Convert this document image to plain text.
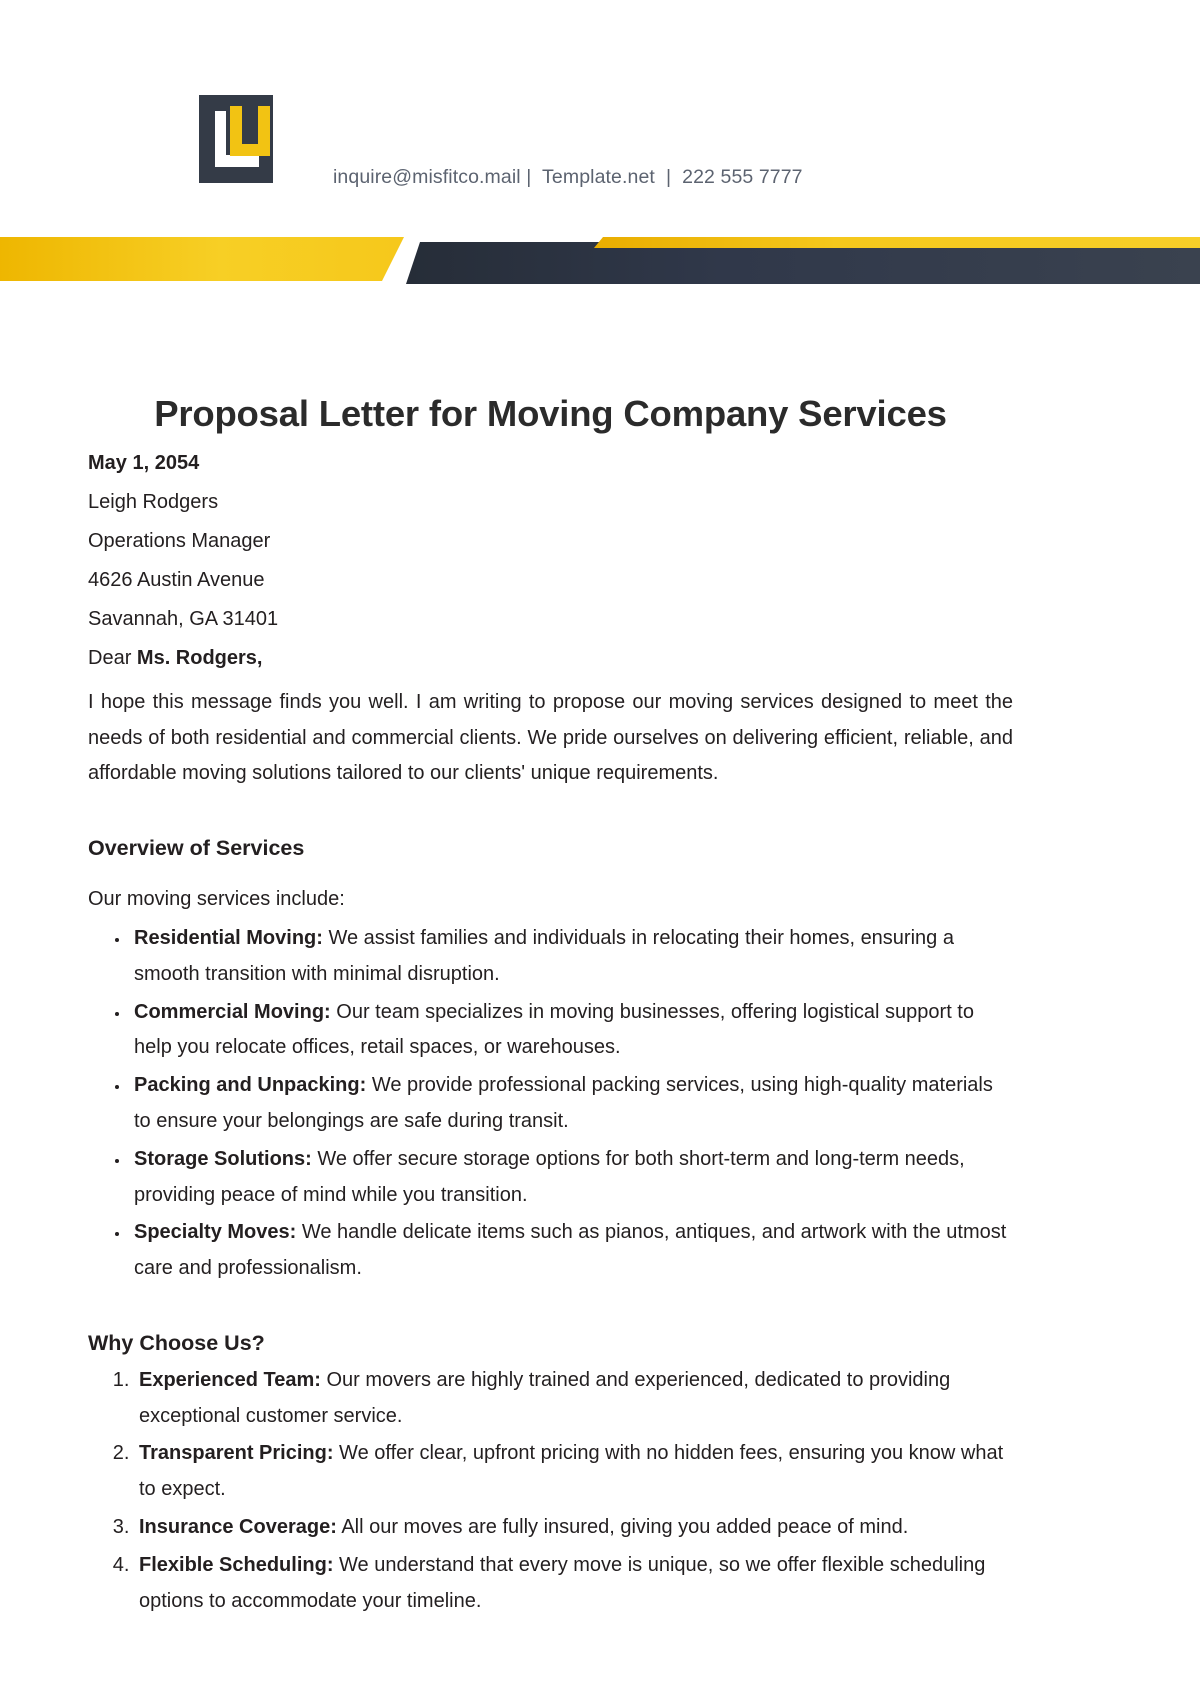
inquire@misfitco.mail |  Template.net  |  222 555 7777
Proposal Letter for Moving Company Services
May 1, 2054
Leigh Rodgers
Operations Manager
4626 Austin Avenue
Savannah, GA 31401
Dear Ms. Rodgers,

I hope this message finds you well. I am writing to propose our moving services designed to meet the needs of both residential and commercial clients. We pride ourselves on delivering efficient, reliable, and affordable moving solutions tailored to our clients' unique requirements.

Overview of Services

Our moving services include:

• Residential Moving: We assist families and individuals in relocating their homes, ensuring a smooth transition with minimal disruption.
• Commercial Moving: Our team specializes in moving businesses, offering logistical support to help you relocate offices, retail spaces, or warehouses.
• Packing and Unpacking: We provide professional packing services, using high-quality materials to ensure your belongings are safe during transit.
• Storage Solutions: We offer secure storage options for both short-term and long-term needs, providing peace of mind while you transition.
• Specialty Moves: We handle delicate items such as pianos, antiques, and artwork with the utmost care and professionalism.
Why Choose Us?
1. Experienced Team: Our movers are highly trained and experienced, dedicated to providing exceptional customer service.
2. Transparent Pricing: We offer clear, upfront pricing with no hidden fees, ensuring you know what to expect.
3. Insurance Coverage: All our moves are fully insured, giving you added peace of mind.
4. Flexible Scheduling: We understand that every move is unique, so we offer flexible scheduling options to accommodate your timeline.
